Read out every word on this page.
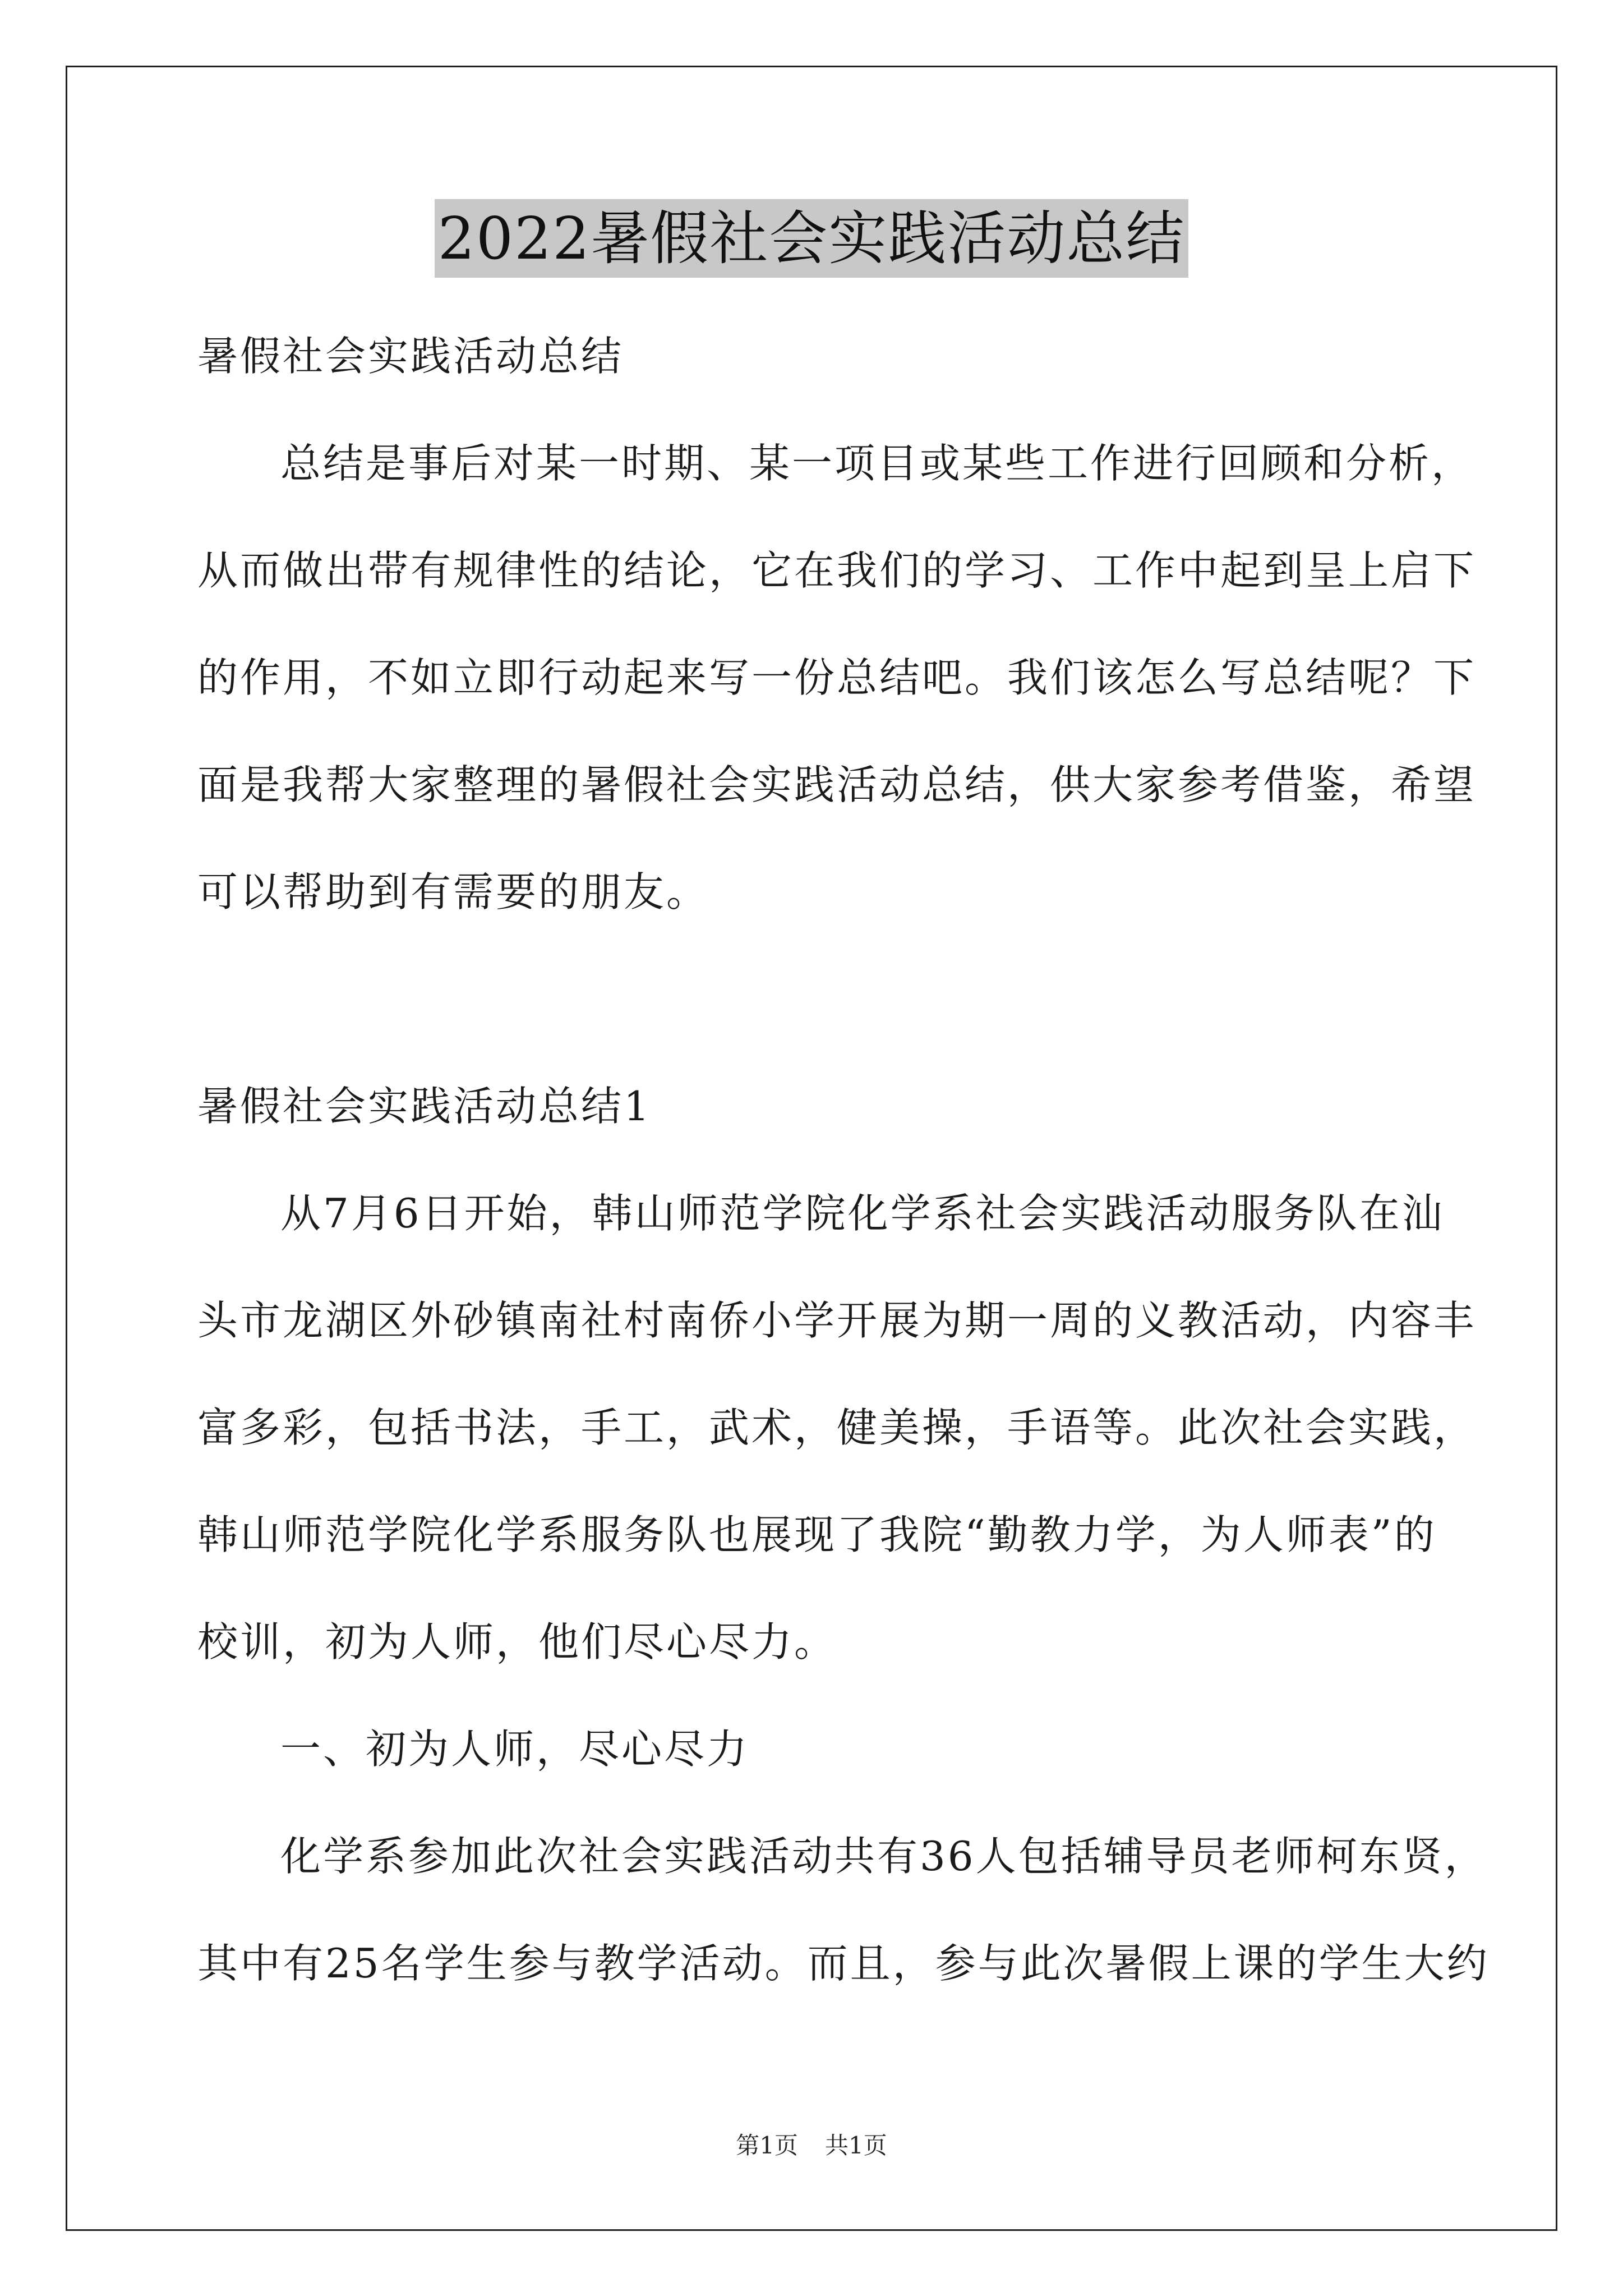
2022暑假社会实践活动总结
暑假社会实践活动总结
总结是事后对某一时期、某一项目或某些工作进行回顾和分析，
从而做出带有规律性的结论，它在我们的学习、工作中起到呈上启下
的作用，不如立即行动起来写一份总结吧。我们该怎么写总结呢？下
面是我帮大家整理的暑假社会实践活动总结，供大家参考借鉴，希望
可以帮助到有需要的朋友。
暑假社会实践活动总结1
从7月6日开始，韩山师范学院化学系社会实践活动服务队在汕
头市龙湖区外砂镇南社村南侨小学开展为期一周的义教活动，内容丰
富多彩，包括书法，手工，武术，健美操，手语等。此次社会实践，
韩山师范学院化学系服务队也展现了我院“勤教力学，为人师表”的
校训，初为人师，他们尽心尽力。
一、初为人师，尽心尽力
化学系参加此次社会实践活动共有36人包括辅导员老师柯东贤，
其中有25名学生参与教学活动。而且，参与此次暑假上课的学生大约
第1页 共1页
